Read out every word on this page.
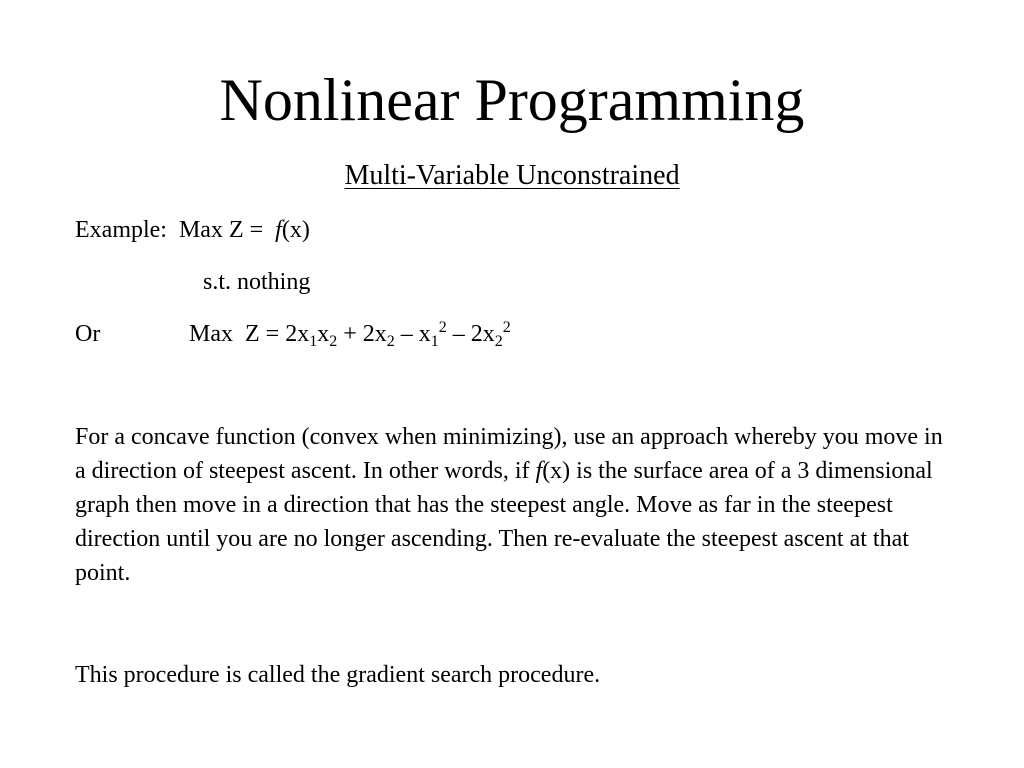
Nonlinear Programming
Multi-Variable Unconstrained
Example: Max Z = f(x)
s.t. nothing
Or	Max $Z = 2x_1x_2 + 2x_2 - x_1^2 - 2x_2^2$

For a concave function (convex when minimizing), use an approach whereby you move in a direction of steepest ascent. In other words, if f(x) is the surface area of a 3 dimensional graph then move in a direction that has the steepest angle. Move as far in the steepest direction until you are no longer ascending. Then re-evaluate the steepest ascent at that point.

This procedure is called the gradient search procedure.
